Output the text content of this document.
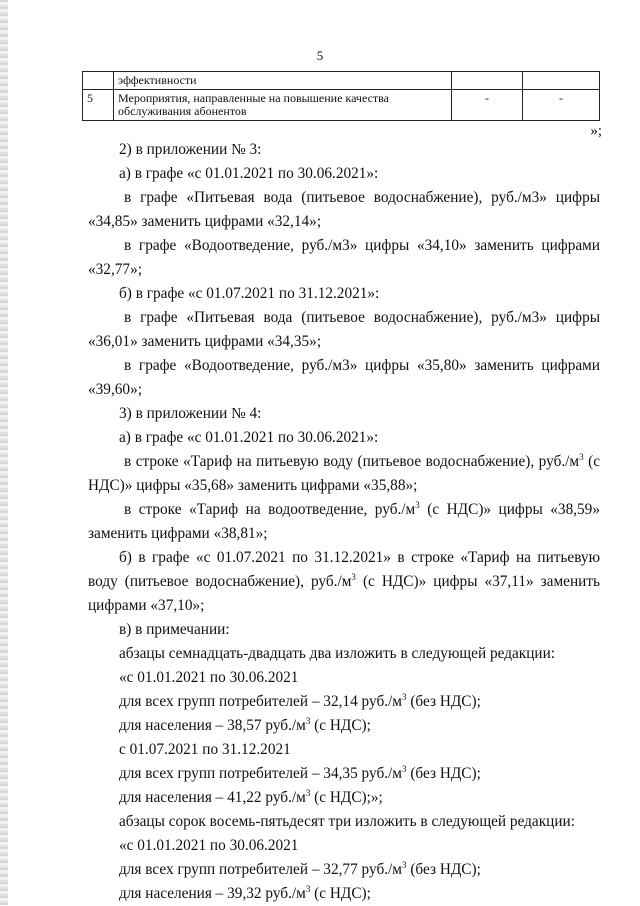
5
	эффективности		
5	Мероприятия, направленные на повышение качества обслуживания абонентов	-	-
»;

2) в приложении № 3:

а) в графе «с 01.01.2021 по 30.06.2021»:

в графе «Питьевая вода (питьевое водоснабжение), руб./м3» цифры «34,85» заменить цифрами «32,14»;

в графе «Водоотведение, руб./м3» цифры «34,10» заменить цифрами «32,77»;

б) в графе «с 01.07.2021 по 31.12.2021»:

в графе «Питьевая вода (питьевое водоснабжение), руб./м3» цифры «36,01» заменить цифрами «34,35»;

в графе «Водоотведение, руб./м3» цифры «35,80» заменить цифрами «39,60»;

3) в приложении № 4:

а) в графе «с 01.01.2021 по 30.06.2021»:

в строке «Тариф на питьевую воду (питьевое водоснабжение), $руб./м^3$ (с НДС)» цифры «35,68» заменить цифрами «35,88»;

в строке «Тариф на водоотведение, $руб./м^3$ (с НДС)» цифры «38,59» заменить цифрами «38,81»;

б) в графе «с 01.07.2021 по 31.12.2021» в строке «Тариф на питьевую воду (питьевое водоснабжение), $руб./м^3$ (с НДС)» цифры «37,11» заменить цифрами «37,10»;

в) в примечании:

абзацы семнадцать-двадцать два изложить в следующей редакции:

«с 01.01.2021 по 30.06.2021

для всех групп потребителей – 32,14 $руб./м^3$ (без НДС);

для населения – 38,57 $руб./м^3$ (с НДС);

с 01.07.2021 по 31.12.2021

для всех групп потребителей – 34,35 $руб./м^3$ (без НДС);

для населения – 41,22 $руб./м^3$ (с НДС);»;

абзацы сорок восемь-пятьдесят три изложить в следующей редакции:

«с 01.01.2021 по 30.06.2021

для всех групп потребителей – 32,77 $руб./м^3$ (без НДС);

для населения – 39,32 $руб./м^3$ (с НДС);
